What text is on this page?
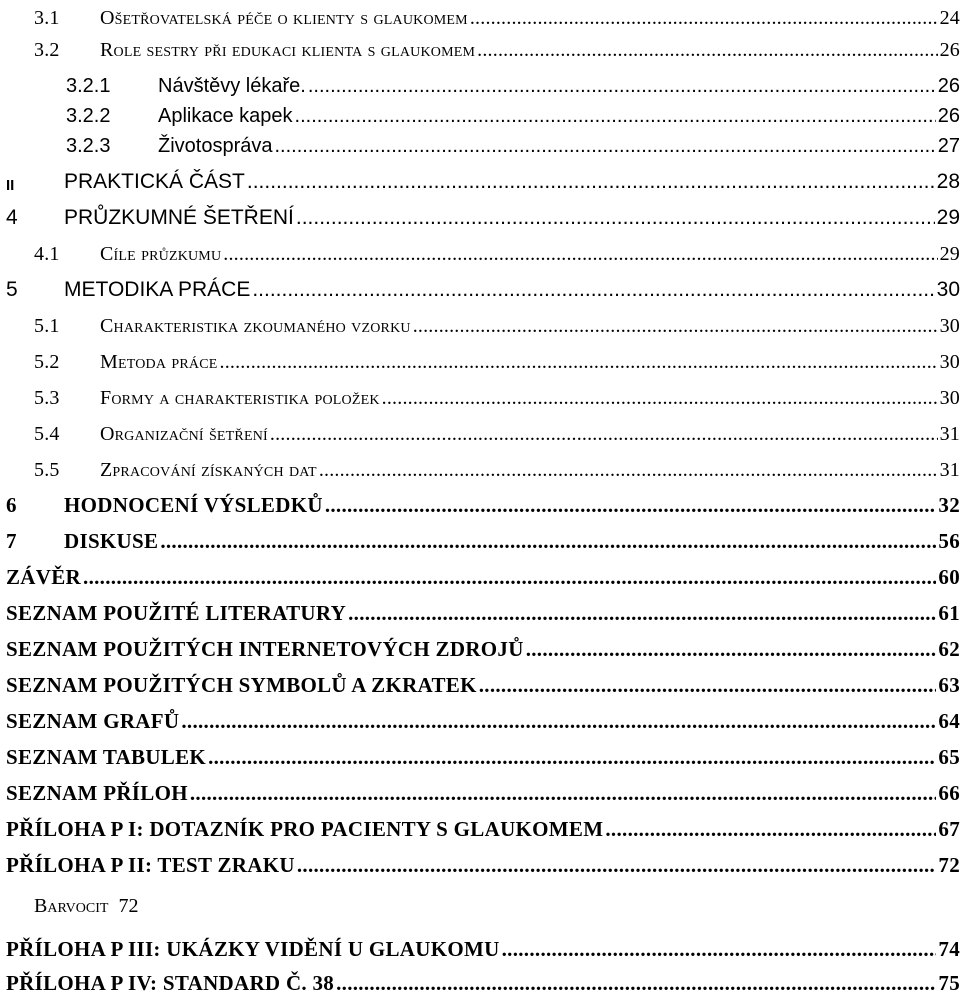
3.1	Ošetřovatelská péče o klienty s glaukomem .....	24
3.2	Role sestry při edukaci klienta s glaukomem .....	26
3.2.1	Návštěvy lékaře. .....	26
3.2.2	Aplikace kapek .....	26
3.2.3	Životospráva .....	27
II	PRAKTICKÁ ČÁST .....	28
4	PRŮZKUMNÉ ŠETŘENÍ .....	29
4.1	Cíle průzkumu .....	29
5	METODIKA PRÁCE .....	30
5.1	Charakteristika zkoumaného vzorku .....	30
5.2	Metoda práce .....	30
5.3	Formy a charakteristika položek .....	30
5.4	Organizační šetření .....	31
5.5	Zpracování získaných dat .....	31
6	HODNOCENÍ VÝSLEDKŮ .....	32
7	DISKUSE .....	56
ZÁVĚR .....	60
SEZNAM POUŽITÉ LITERATURY .....	61
SEZNAM POUŽITÝCH INTERNETOVÝCH ZDROJŮ .....	62
SEZNAM POUŽITÝCH SYMBOLŮ A ZKRATEK .....	63
SEZNAM GRAFŮ .....	64
SEZNAM TABULEK .....	65
SEZNAM PŘÍLOH .....	66
PŘÍLOHA P I: DOTAZNÍK PRO PACIENTY S GLAUKOMEM .....	67
PŘÍLOHA P II: TEST ZRAKU .....	72
Barvocit 72
PŘÍLOHA P III: UKÁZKY VIDĚNÍ U GLAUKOMU .....	74
PŘÍLOHA P IV: STANDARD Č. 38 .....	75
